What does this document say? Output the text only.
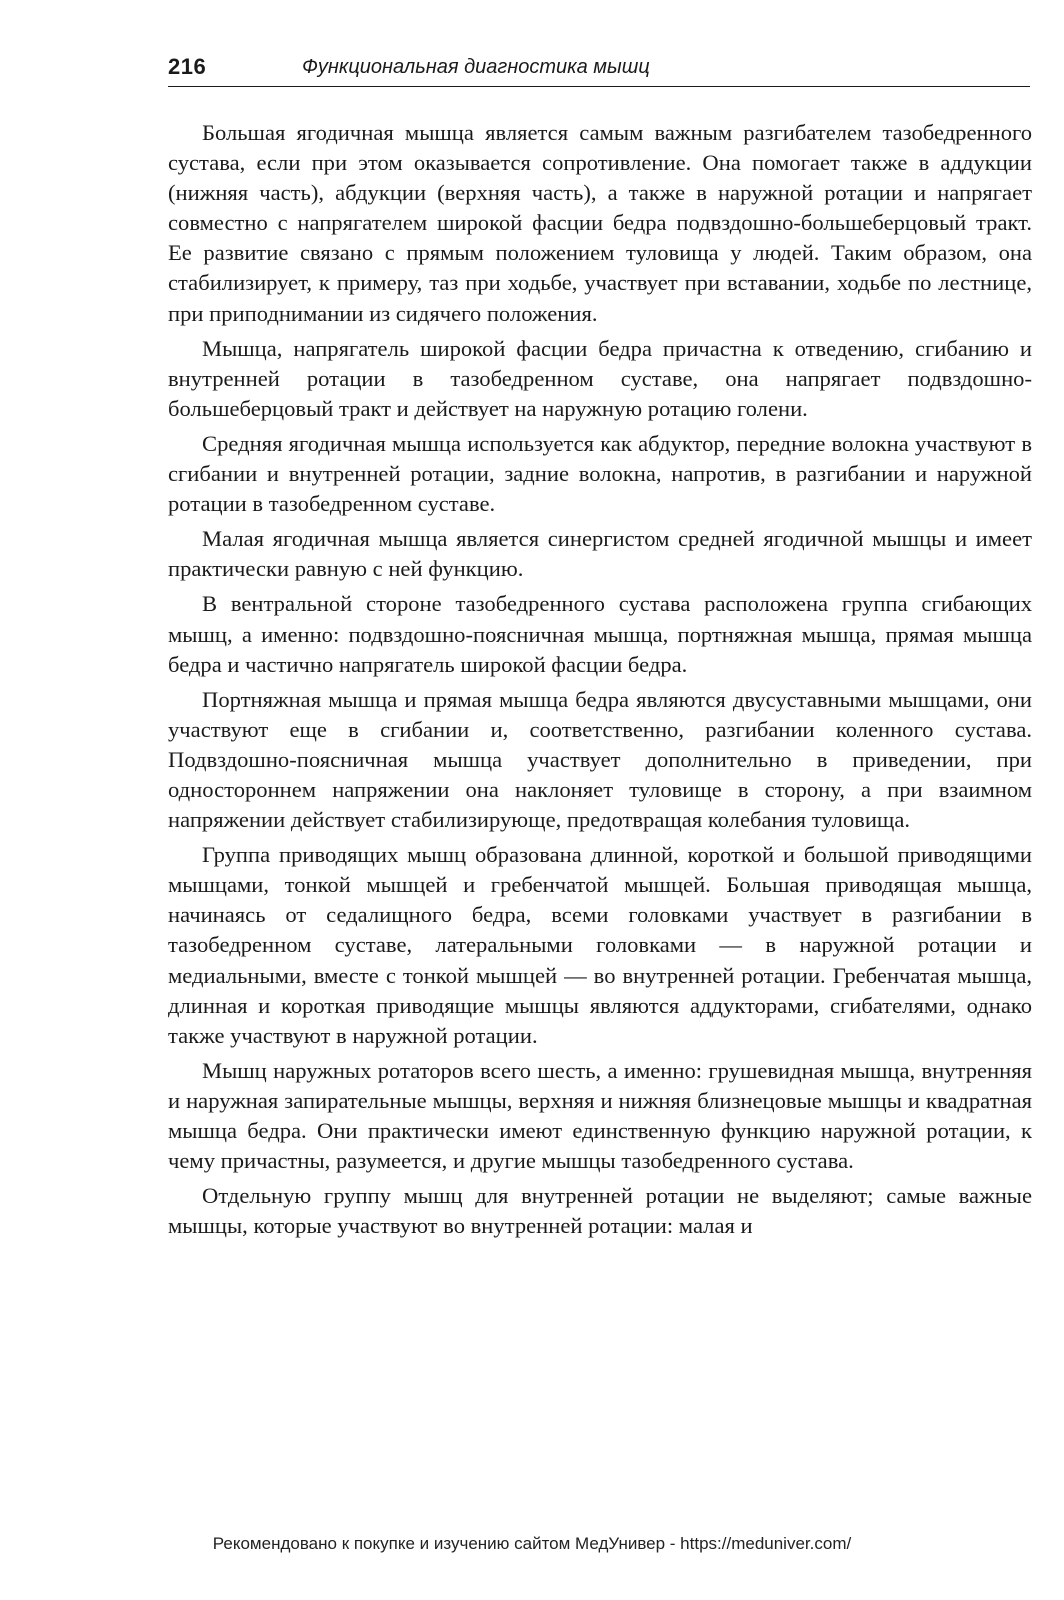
216	Функциональная диагностика мышц

Большая ягодичная мышца является самым важным разгибателем тазобедренного сустава, если при этом оказывается сопротивление. Она помогает также в аддукции (нижняя часть), абдукции (верхняя часть), а также в наружной ротации и напрягает совместно с напрягателем широкой фасции бедра подвздошно-большеберцовый тракт. Ее развитие связано с прямым положением туловища у людей. Таким образом, она стабилизирует, к примеру, таз при ходьбе, участвует при вставании, ходьбе по лестнице, при приподнимании из сидячего положения.

Мышца, напрягатель широкой фасции бедра причастна к отведению, сгибанию и внутренней ротации в тазобедренном суставе, она напрягает подвздошно-большеберцовый тракт и действует на наружную ротацию голени.

Средняя ягодичная мышца используется как абдуктор, передние волокна участвуют в сгибании и внутренней ротации, задние волокна, напротив, в разгибании и наружной ротации в тазобедренном суставе.

Малая ягодичная мышца является синергистом средней ягодичной мышцы и имеет практически равную с ней функцию.

В вентральной стороне тазобедренного сустава расположена группа сгибающих мышц, а именно: подвздошно-поясничная мышца, портняжная мышца, прямая мышца бедра и частично напрягатель широкой фасции бедра.

Портняжная мышца и прямая мышца бедра являются двусуставными мышцами, они участвуют еще в сгибании и, соответственно, разгибании коленного сустава. Подвздошно-поясничная мышца участвует дополнительно в приведении, при одностороннем напряжении она наклоняет туловище в сторону, а при взаимном напряжении действует стабилизирующе, предотвращая колебания туловища.

Группа приводящих мышц образована длинной, короткой и большой приводящими мышцами, тонкой мышцей и гребенчатой мышцей. Большая приводящая мышца, начинаясь от седалищного бедра, всеми головками участвует в разгибании в тазобедренном суставе, латеральными головками — в наружной ротации и медиальными, вместе с тонкой мышцей — во внутренней ротации. Гребенчатая мышца, длинная и короткая приводящие мышцы являются аддукторами, сгибателями, однако также участвуют в наружной ротации.

Мышц наружных ротаторов всего шесть, а именно: грушевидная мышца, внутренняя и наружная запирательные мышцы, верхняя и нижняя близнецовые мышцы и квадратная мышца бедра. Они практически имеют единственную функцию наружной ротации, к чему причастны, разумеется, и другие мышцы тазобедренного сустава.

Отдельную группу мышц для внутренней ротации не выделяют; самые важные мышцы, которые участвуют во внутренней ротации: малая и

Рекомендовано к покупке и изучению сайтом МедУнивер - https://meduniver.com/
